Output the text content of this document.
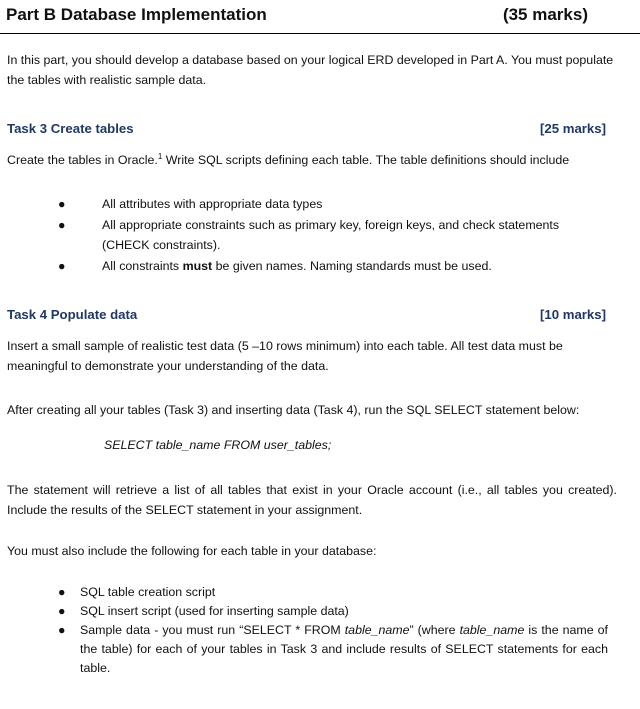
Part B Database Implementation	(35 marks)
In this part, you should develop a database based on your logical ERD developed in Part A. You must populate the tables with realistic sample data.
Task 3 Create tables	[25 marks]
Create the tables in Oracle.$^1$ Write SQL scripts defining each table. The table definitions should include
●	All attributes with appropriate data types
●	All appropriate constraints such as primary key, foreign keys, and check statements (CHECK constraints).
●	All constraints must be given names. Naming standards must be used.
Task 4 Populate data	[10 marks]
Insert a small sample of realistic test data (5 –10 rows minimum) into each table. All test data must be meaningful to demonstrate your understanding of the data.
After creating all your tables (Task 3) and inserting data (Task 4), run the SQL SELECT statement below:
SELECT table_name FROM user_tables;
The statement will retrieve a list of all tables that exist in your Oracle account (i.e., all tables you created). Include the results of the SELECT statement in your assignment.
You must also include the following for each table in your database:
● SQL table creation script
● SQL insert script (used for inserting sample data)
● Sample data - you must run “SELECT * FROM table_name” (where table_name is the name of the table) for each of your tables in Task 3 and include results of SELECT statements for each table.
